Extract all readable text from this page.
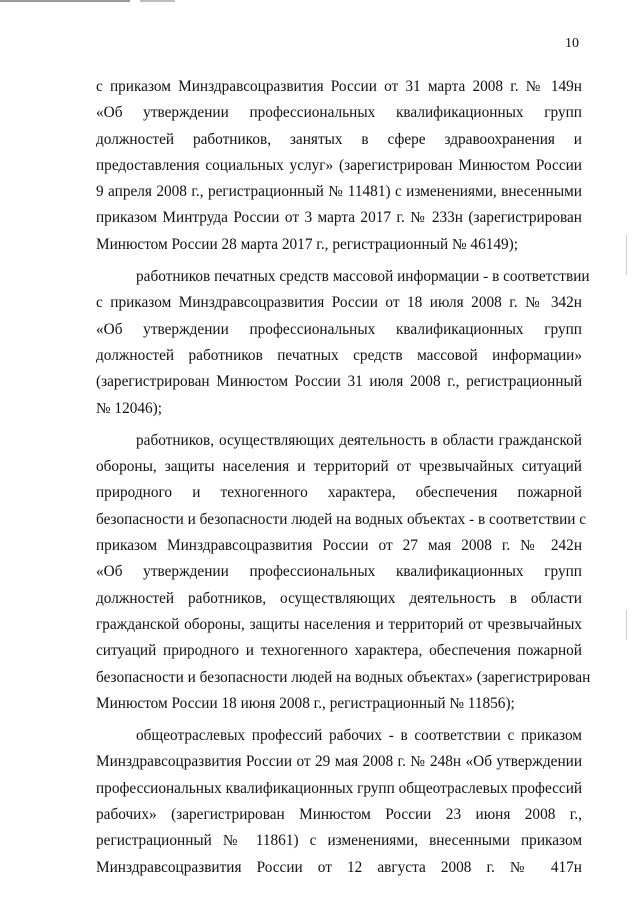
10
с приказом Минздравсоцразвития России от 31 марта 2008 г. № 149н
«Об утверждении профессиональных квалификационных групп
должностей работников, занятых в сфере здравоохранения и
предоставления социальных услуг» (зарегистрирован Минюстом России
9 апреля 2008 г., регистрационный № 11481) с изменениями, внесенными
приказом Минтруда России от 3 марта 2017 г. № 233н (зарегистрирован
Минюстом России 28 марта 2017 г., регистрационный № 46149);
работников печатных средств массовой информации - в соответствии
с приказом Минздравсоцразвития России от 18 июля 2008 г. № 342н
«Об утверждении профессиональных квалификационных групп
должностей работников печатных средств массовой информации»
(зарегистрирован Минюстом России 31 июля 2008 г., регистрационный
№ 12046);
работников, осуществляющих деятельность в области гражданской
обороны, защиты населения и территорий от чрезвычайных ситуаций
природного и техногенного характера, обеспечения пожарной
безопасности и безопасности людей на водных объектах - в соответствии с
приказом Минздравсоцразвития России от 27 мая 2008 г. № 242н
«Об утверждении профессиональных квалификационных групп
должностей работников, осуществляющих деятельность в области
гражданской обороны, защиты населения и территорий от чрезвычайных
ситуаций природного и техногенного характера, обеспечения пожарной
безопасности и безопасности людей на водных объектах» (зарегистрирован
Минюстом России 18 июня 2008 г., регистрационный № 11856);
общеотраслевых профессий рабочих - в соответствии с приказом
Минздравсоцразвития России от 29 мая 2008 г. № 248н «Об утверждении
профессиональных квалификационных групп общеотраслевых профессий
рабочих» (зарегистрирован Минюстом России 23 июня 2008 г.,
регистрационный № 11861) с изменениями, внесенными приказом
Минздравсоцразвития России от 12 августа 2008 г. № 417н
